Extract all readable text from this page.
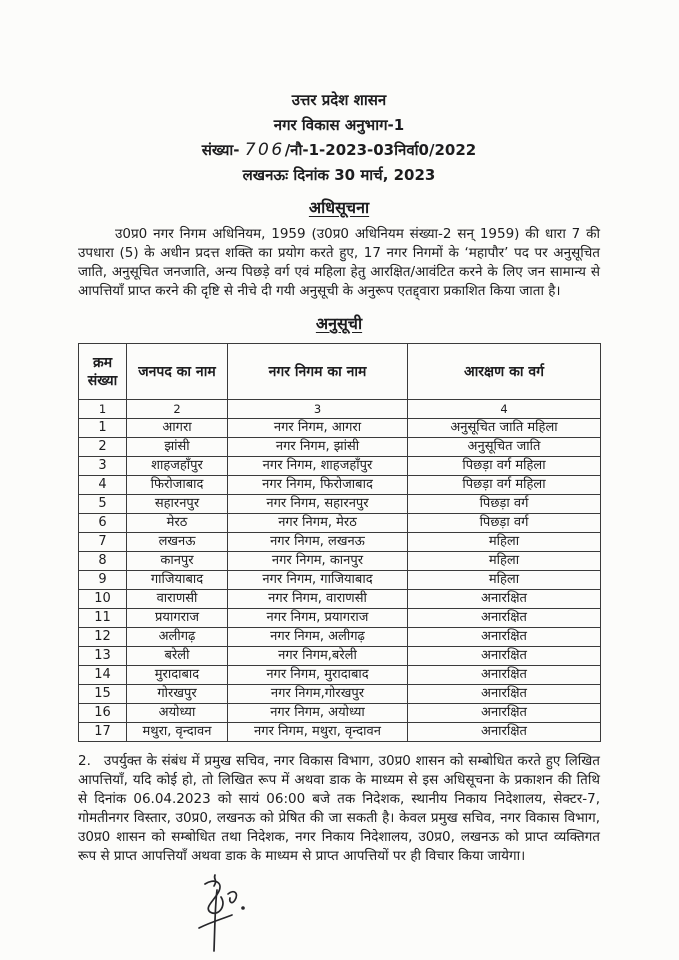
उत्तर प्रदेश शासन
नगर विकास अनुभाग-1
संख्या- 706/नौ-1-2023-03निर्वा0/2022
लखनऊः दिनांक 30 मार्च, 2023
अधिसूचना

उ0प्र0 नगर निगम अधिनियम, 1959 (उ0प्र0 अधिनियम संख्या-2 सन् 1959) की धारा 7 की उपधारा (5) के अधीन प्रदत्त शक्ति का प्रयोग करते हुए, 17 नगर निगमों के ‘महापौर’ पद पर अनुसूचित जाति, अनुसूचित जनजाति, अन्य पिछड़े वर्ग एवं महिला हेतु आरक्षित/आवंटित करने के लिए जन सामान्य से आपत्तियाँ प्राप्त करने की दृष्टि से नीचे दी गयी अनुसूची के अनुरूप एतद्द्वारा प्रकाशित किया जाता है।

अनुसूची
क्रम संख्या	जनपद का नाम	नगर निगम का नाम	आरक्षण का वर्ग
1	2	3	4
1	आगरा	नगर निगम, आगरा	अनुसूचित जाति महिला
2	झांसी	नगर निगम, झांसी	अनुसूचित जाति
3	शाहजहाँपुर	नगर निगम, शाहजहाँपुर	पिछड़ा वर्ग महिला
4	फिरोजाबाद	नगर निगम, फिरोजाबाद	पिछड़ा वर्ग महिला
5	सहारनपुर	नगर निगम, सहारनपुर	पिछड़ा वर्ग
6	मेरठ	नगर निगम, मेरठ	पिछड़ा वर्ग
7	लखनऊ	नगर निगम, लखनऊ	महिला
8	कानपुर	नगर निगम, कानपुर	महिला
9	गाजियाबाद	नगर निगम, गाजियाबाद	महिला
10	वाराणसी	नगर निगम, वाराणसी	अनारक्षित
11	प्रयागराज	नगर निगम, प्रयागराज	अनारक्षित
12	अलीगढ़	नगर निगम, अलीगढ़	अनारक्षित
13	बरेली	नगर निगम,बरेली	अनारक्षित
14	मुरादाबाद	नगर निगम, मुरादाबाद	अनारक्षित
15	गोरखपुर	नगर निगम,गोरखपुर	अनारक्षित
16	अयोध्या	नगर निगम, अयोध्या	अनारक्षित
17	मथुरा, वृन्दावन	नगर निगम, मथुरा, वृन्दावन	अनारक्षित

2. उपर्युक्त के संबंध में प्रमुख सचिव, नगर विकास विभाग, उ0प्र0 शासन को सम्बोधित करते हुए लिखित आपत्तियाँ, यदि कोई हो, तो लिखित रूप में अथवा डाक के माध्यम से इस अधिसूचना के प्रकाशन की तिथि से दिनांक 06.04.2023 को सायं 06:00 बजे तक निदेशक, स्थानीय निकाय निदेशालय, सेक्टर-7, गोमतीनगर विस्तार, उ0प्र0, लखनऊ को प्रेषित की जा सकती है। केवल प्रमुख सचिव, नगर विकास विभाग, उ0प्र0 शासन को सम्बोधित तथा निदेशक, नगर निकाय निदेशालय, उ0प्र0, लखनऊ को प्राप्त व्यक्तिगत रूप से प्राप्त आपत्तियाँ अथवा डाक के माध्यम से प्राप्त आपत्तियों पर ही विचार किया जायेगा।
